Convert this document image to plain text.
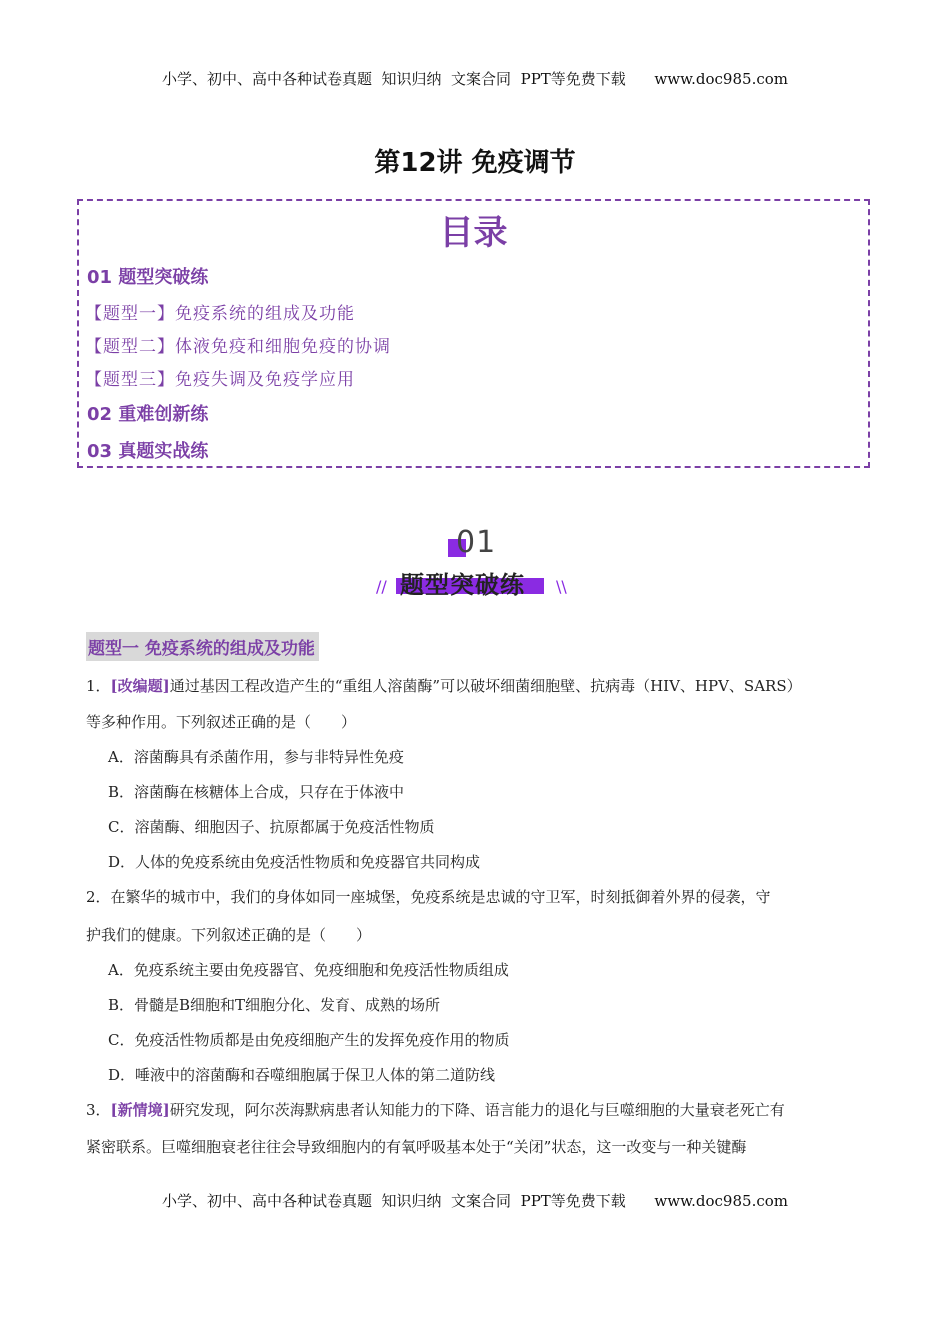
小学、初中、高中各种试卷真题  知识归纳  文案合同  PPT等免费下载      www.doc985.com
第12讲 免疫调节
目录
01 题型突破练
【题型一】免疫系统的组成及功能
【题型二】体液免疫和细胞免疫的协调
【题型三】免疫失调及免疫学应用
02 重难创新练
03 真题实战练
01
题型突破练
//	\\
题型一 免疫系统的组成及功能
1．[改编题]通过基因工程改造产生的“重组人溶菌酶”可以破坏细菌细胞壁、抗病毒（HIV、HPV、SARS）
等多种作用。下列叙述正确的是（　　）
A．溶菌酶具有杀菌作用，参与非特异性免疫
B．溶菌酶在核糖体上合成，只存在于体液中
C．溶菌酶、细胞因子、抗原都属于免疫活性物质
D．人体的免疫系统由免疫活性物质和免疫器官共同构成
2．在繁华的城市中，我们的身体如同一座城堡，免疫系统是忠诚的守卫军，时刻抵御着外界的侵袭，守
护我们的健康。下列叙述正确的是（　　）
A．免疫系统主要由免疫器官、免疫细胞和免疫活性物质组成
B．骨髓是B细胞和T细胞分化、发育、成熟的场所
C．免疫活性物质都是由免疫细胞产生的发挥免疫作用的物质
D．唾液中的溶菌酶和吞噬细胞属于保卫人体的第二道防线
3．[新情境]研究发现，阿尔茨海默病患者认知能力的下降、语言能力的退化与巨噬细胞的大量衰老死亡有
紧密联系。巨噬细胞衰老往往会导致细胞内的有氧呼吸基本处于“关闭”状态，这一改变与一种关键酶
小学、初中、高中各种试卷真题  知识归纳  文案合同  PPT等免费下载      www.doc985.com
